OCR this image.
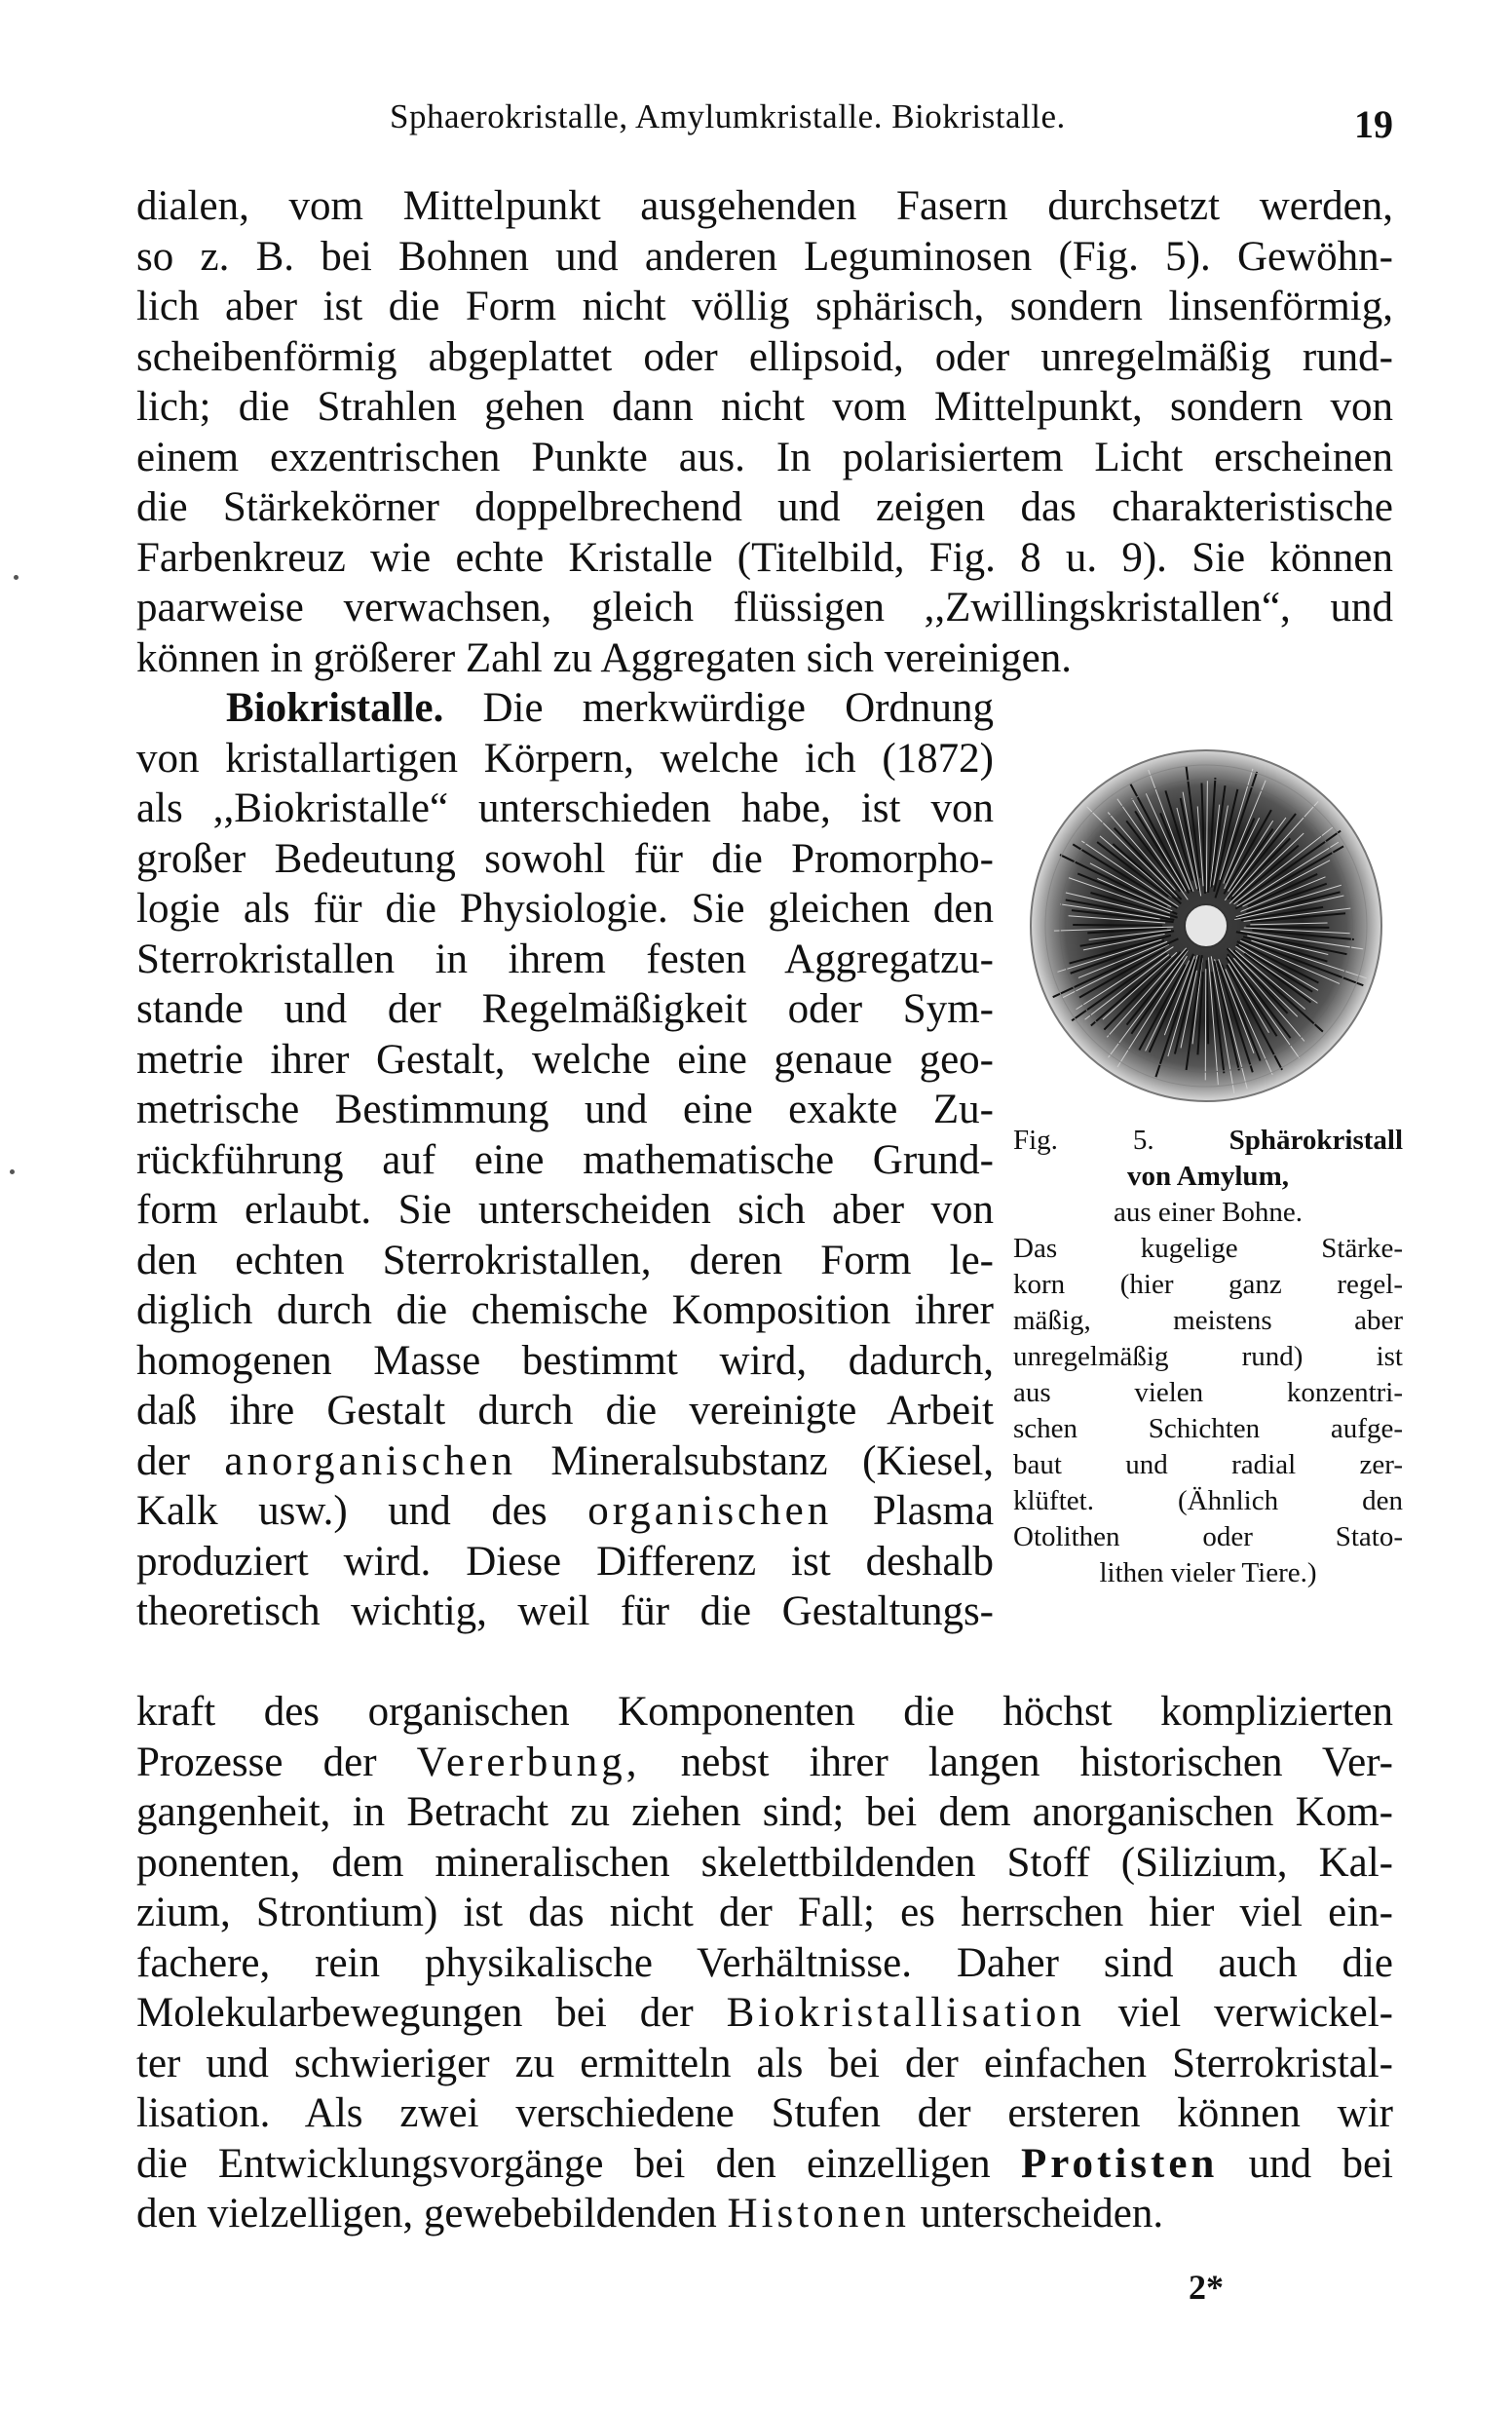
Sphaerokristalle, Amylumkristalle. Biokristalle.	19
dialen, vom Mittelpunkt ausgehenden Fasern durchsetzt werden,
so z. B. bei Bohnen und anderen Leguminosen (Fig. 5). Gewöhn-
lich aber ist die Form nicht völlig sphärisch, sondern linsenförmig,
scheibenförmig abgeplattet oder ellipsoid, oder unregelmäßig rund-
lich; die Strahlen gehen dann nicht vom Mittelpunkt, sondern von
einem exzentrischen Punkte aus. In polarisiertem Licht erscheinen
die Stärkekörner doppelbrechend und zeigen das charakteristische
Farbenkreuz wie echte Kristalle (Titelbild, Fig. 8 u. 9). Sie können
paarweise verwachsen, gleich flüssigen ,,Zwillingskristallen“, und
können in größerer Zahl zu Aggregaten sich vereinigen.
Biokristalle. Die merkwürdige Ordnung
von kristallartigen Körpern, welche ich (1872)
als ,,Biokristalle“ unterschieden habe, ist von
großer Bedeutung sowohl für die Promorpho-
logie als für die Physiologie. Sie gleichen den
Sterrokristallen in ihrem festen Aggregatzu-
stande und der Regelmäßigkeit oder Sym-
metrie ihrer Gestalt, welche eine genaue geo-
metrische Bestimmung und eine exakte Zu-
rückführung auf eine mathematische Grund-
form erlaubt. Sie unterscheiden sich aber von
den echten Sterrokristallen, deren Form le-
diglich durch die chemische Komposition ihrer
homogenen Masse bestimmt wird, dadurch,
daß ihre Gestalt durch die vereinigte Arbeit
der anorganischen Mineralsubstanz (Kiesel,
Kalk usw.) und des organischen Plasma
produziert wird. Diese Differenz ist deshalb
theoretisch wichtig, weil für die Gestaltungs-
kraft des organischen Komponenten die höchst komplizierten
Prozesse der Vererbung, nebst ihrer langen historischen Ver-
gangenheit, in Betracht zu ziehen sind; bei dem anorganischen Kom-
ponenten, dem mineralischen skelettbildenden Stoff (Silizium, Kal-
zium, Strontium) ist das nicht der Fall; es herrschen hier viel ein-
fachere, rein physikalische Verhältnisse. Daher sind auch die
Molekularbewegungen bei der Biokristallisation viel verwickel-
ter und schwieriger zu ermitteln als bei der einfachen Sterrokristal-
lisation. Als zwei verschiedene Stufen der ersteren können wir
die Entwicklungsvorgänge bei den einzelligen Protisten und bei
den vielzelligen, gewebebildenden Histonen unterscheiden.
Fig. 5.	Sphärokristall
von Amylum,
aus einer Bohne.
Das kugelige Stärke-
korn (hier ganz regel-
mäßig, meistens aber
unregelmäßig rund) ist
aus vielen konzentri-
schen Schichten aufge-
baut und radial zer-
klüftet. (Ähnlich den
Otolithen oder Stato-
lithen vieler Tiere.)
2*
